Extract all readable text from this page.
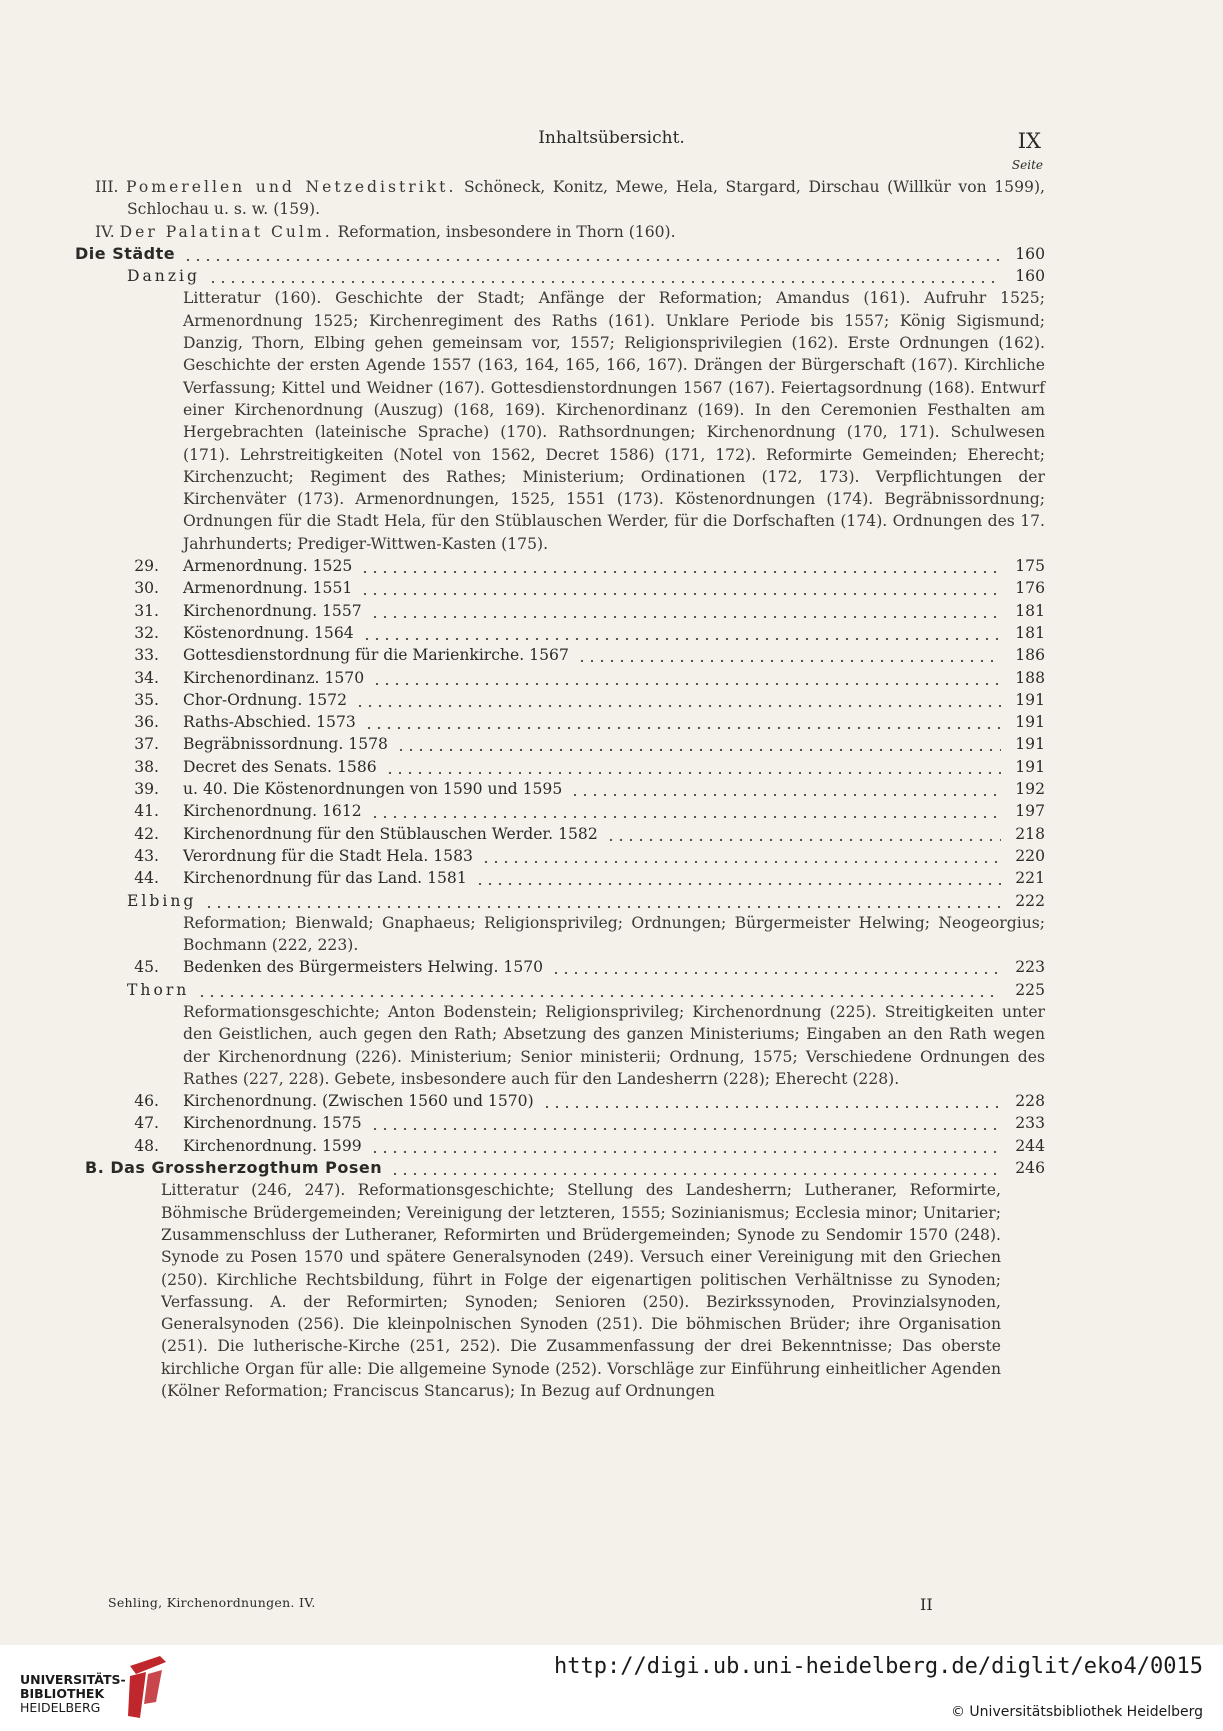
Inhaltsübersicht.	IX
Seite
III. Pomerellen und Netzedistrikt. Schöneck, Konitz, Mewe, Hela, Stargard, Dirschau (Willkür von 1599), Schlochau u. s. w. (159).
IV. Der Palatinat Culm. Reformation, insbesondere in Thorn (160).
Die Städte	160
Danzig	160
Litteratur (160). Geschichte der Stadt; Anfänge der Reformation; Amandus (161). Aufruhr 1525; Armenordnung 1525; Kirchenregiment des Raths (161). Unklare Periode bis 1557; König Sigismund; Danzig, Thorn, Elbing gehen gemeinsam vor, 1557; Religionsprivilegien (162). Erste Ordnungen (162). Geschichte der ersten Agende 1557 (163, 164, 165, 166, 167). Drängen der Bürgerschaft (167). Kirchliche Verfassung; Kittel und Weidner (167). Gottesdienstordnungen 1567 (167). Feiertagsordnung (168). Entwurf einer Kirchenordnung (Auszug) (168, 169). Kirchenordinanz (169). In den Ceremonien Festhalten am Hergebrachten (lateinische Sprache) (170). Rathsordnungen; Kirchenordnung (170, 171). Schulwesen (171). Lehrstreitigkeiten (Notel von 1562, Decret 1586) (171, 172). Reformirte Gemeinden; Eherecht; Kirchenzucht; Regiment des Rathes; Ministerium; Ordinationen (172, 173). Verpflichtungen der Kirchenväter (173). Armenordnungen, 1525, 1551 (173). Köstenordnungen (174). Begräbnissordnung; Ordnungen für die Stadt Hela, für den Stüblauschen Werder, für die Dorfschaften (174). Ordnungen des 17. Jahrhunderts; Prediger-Wittwen-Kasten (175).
29. Armenordnung. 1525	175
30. Armenordnung. 1551	176
31. Kirchenordnung. 1557	181
32. Köstenordnung. 1564	181
33. Gottesdienstordnung für die Marienkirche. 1567	186
34. Kirchenordinanz. 1570	188
35. Chor-Ordnung. 1572	191
36. Raths-Abschied. 1573	191
37. Begräbnissordnung. 1578	191
38. Decret des Senats. 1586	191
39. u. 40. Die Köstenordnungen von 1590 und 1595	192
41. Kirchenordnung. 1612	197
42. Kirchenordnung für den Stüblauschen Werder. 1582	218
43. Verordnung für die Stadt Hela. 1583	220
44. Kirchenordnung für das Land. 1581	221
Elbing	222
Reformation; Bienwald; Gnaphaeus; Religionsprivileg; Ordnungen; Bürgermeister Helwing; Neogeorgius; Bochmann (222, 223).
45. Bedenken des Bürgermeisters Helwing. 1570	223
Thorn	225
Reformationsgeschichte; Anton Bodenstein; Religionsprivileg; Kirchenordnung (225). Streitigkeiten unter den Geistlichen, auch gegen den Rath; Absetzung des ganzen Ministeriums; Eingaben an den Rath wegen der Kirchenordnung (226). Ministerium; Senior ministerii; Ordnung, 1575; Verschiedene Ordnungen des Rathes (227, 228). Gebete, insbesondere auch für den Landesherrn (228); Eherecht (228).
46. Kirchenordnung. (Zwischen 1560 und 1570)	228
47. Kirchenordnung. 1575	233
48. Kirchenordnung. 1599	244
B. Das Grossherzogthum Posen	246
Litteratur (246, 247). Reformationsgeschichte; Stellung des Landesherrn; Lutheraner, Reformirte, Böhmische Brüdergemeinden; Vereinigung der letzteren, 1555; Sozinianismus; Ecclesia minor; Unitarier; Zusammenschluss der Lutheraner, Reformirten und Brüdergemeinden; Synode zu Sendomir 1570 (248). Synode zu Posen 1570 und spätere Generalsynoden (249). Versuch einer Vereinigung mit den Griechen (250). Kirchliche Rechtsbildung, führt in Folge der eigenartigen politischen Verhältnisse zu Synoden; Verfassung. A. der Reformirten; Synoden; Senioren (250). Bezirkssynoden, Provinzialsynoden, Generalsynoden (256). Die kleinpolnischen Synoden (251). Die böhmischen Brüder; ihre Organisation (251). Die lutherische-Kirche (251, 252). Die Zusammenfassung der drei Bekenntnisse; Das oberste kirchliche Organ für alle: Die allgemeine Synode (252). Vorschläge zur Einführung einheitlicher Agenden (Kölner Reformation; Franciscus Stancarus); In Bezug auf Ordnungen
Sehling, Kirchenordnungen. IV.	II
UNIVERSITÄTS-
BIBLIOTHEK
HEIDELBERG
http://digi.ub.uni-heidelberg.de/diglit/eko4/0015
© Universitätsbibliothek Heidelberg
